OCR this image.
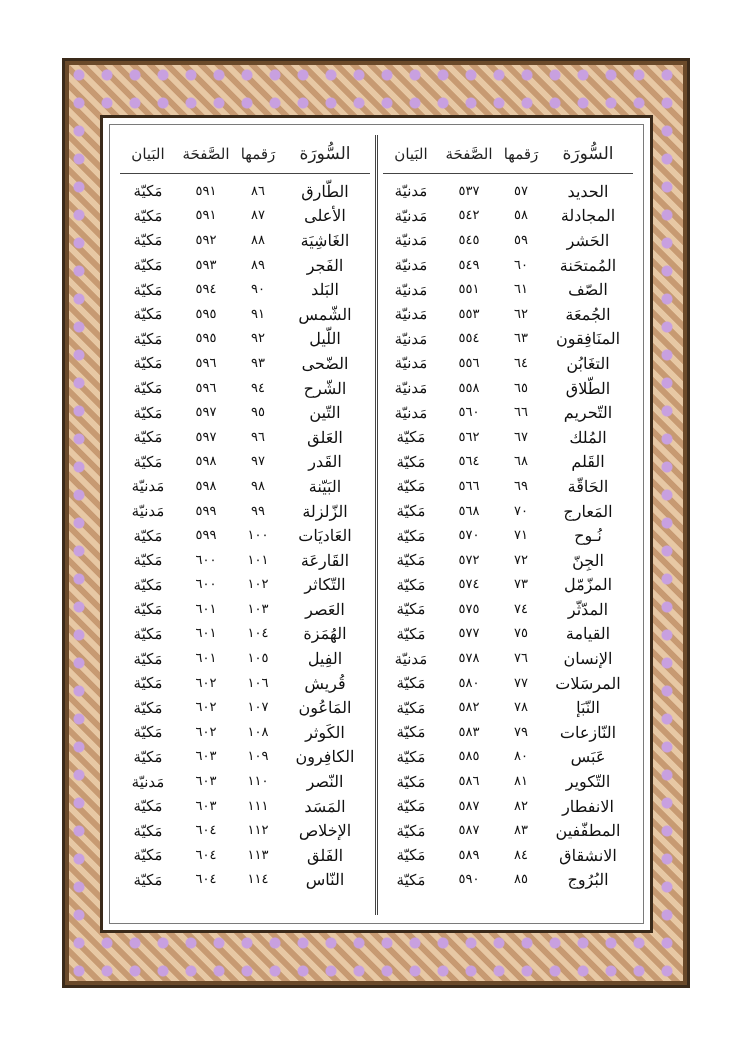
السُّورَة	رَقمها	الصَّفحَة	البَيان
الحديد	٥٧	٥٣٧	مَدنيّة
المجادلة	٥٨	٥٤٢	مَدنيّة
الحَشر	٥٩	٥٤٥	مَدنيّة
المُمتحَنة	٦٠	٥٤٩	مَدنيّة
الصّف	٦١	٥٥١	مَدنيّة
الجُمعَة	٦٢	٥٥٣	مَدنيّة
المنَافِقون	٦٣	٥٥٤	مَدنيّة
التغَابُن	٦٤	٥٥٦	مَدنيّة
الطّلاق	٦٥	٥٥٨	مَدنيّة
التّحريم	٦٦	٥٦٠	مَدنيّة
المُلك	٦٧	٥٦٢	مَكيّة
القَلم	٦٨	٥٦٤	مَكيّة
الحَاقّة	٦٩	٥٦٦	مَكيّة
المَعارج	٧٠	٥٦٨	مَكيّة
نُـوح	٧١	٥٧٠	مَكيّة
الجِنّ	٧٢	٥٧٢	مَكيّة
المزّمّل	٧٣	٥٧٤	مَكيّة
المدّثّر	٧٤	٥٧٥	مَكيّة
القيامة	٧٥	٥٧٧	مَكيّة
الإنسان	٧٦	٥٧٨	مَدنيّة
المرسَلات	٧٧	٥٨٠	مَكيّة
النّبَإ	٧٨	٥٨٢	مَكيّة
النّازعات	٧٩	٥٨٣	مَكيّة
عَبَس	٨٠	٥٨٥	مَكيّة
التّكوير	٨١	٥٨٦	مَكيّة
الانفطار	٨٢	٥٨٧	مَكيّة
المطفّفين	٨٣	٥٨٧	مَكيّة
الانشقاق	٨٤	٥٨٩	مَكيّة
البُرُوج	٨٥	٥٩٠	مَكيّة
السُّورَة	رَقمها	الصَّفحَة	البَيان
الطّارق	٨٦	٥٩١	مَكيّة
الأعلى	٨٧	٥٩١	مَكيّة
الغَاشِيَة	٨٨	٥٩٢	مَكيّة
الفَجر	٨٩	٥٩٣	مَكيّة
البَلد	٩٠	٥٩٤	مَكيّة
الشّمس	٩١	٥٩٥	مَكيّة
اللّيل	٩٢	٥٩٥	مَكيّة
الضّحى	٩٣	٥٩٦	مَكيّة
الشّرح	٩٤	٥٩٦	مَكيّة
التّين	٩٥	٥٩٧	مَكيّة
العَلق	٩٦	٥٩٧	مَكيّة
القَدر	٩٧	٥٩٨	مَكيّة
البَيّنة	٩٨	٥٩٨	مَدنيّة
الزّلزلة	٩٩	٥٩٩	مَدنيّة
العَاديَات	١٠٠	٥٩٩	مَكيّة
القَارعَة	١٠١	٦٠٠	مَكيّة
التّكاثر	١٠٢	٦٠٠	مَكيّة
العَصر	١٠٣	٦٠١	مَكيّة
الهُمَزة	١٠٤	٦٠١	مَكيّة
الفِيل	١٠٥	٦٠١	مَكيّة
قُريش	١٠٦	٦٠٢	مَكيّة
المَاعُون	١٠٧	٦٠٢	مَكيّة
الكَوثر	١٠٨	٦٠٢	مَكيّة
الكافِرون	١٠٩	٦٠٣	مَكيّة
النّصر	١١٠	٦٠٣	مَدنيّة
المَسَد	١١١	٦٠٣	مَكيّة
الإخلاص	١١٢	٦٠٤	مَكيّة
الفَلق	١١٣	٦٠٤	مَكيّة
النّاس	١١٤	٦٠٤	مَكيّة
